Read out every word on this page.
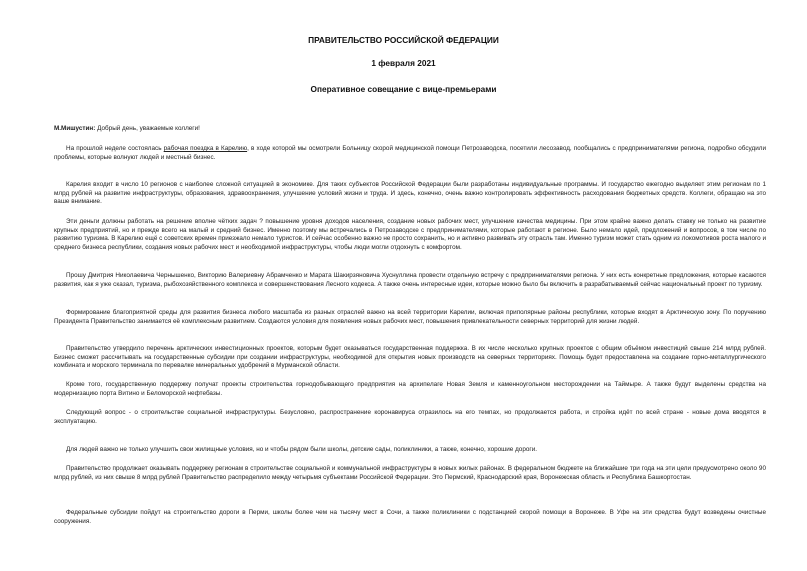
ПРАВИТЕЛЬСТВО РОССИЙСКОЙ ФЕДЕРАЦИИ
1 февраля 2021
Оперативное совещание с вице-премьерами

М.Мишустин: Добрый день, уважаемые коллеги!

На прошлой неделе состоялась рабочая поездка в Карелию, в ходе которой мы осмотрели Больницу скорой медицинской помощи Петрозаводска, посетили лесозавод, пообщались с предпринимателями региона, подробно обсудили проблемы, которые волнуют людей и местный бизнес.

Карелия входит в число 10 регионов с наиболее сложной ситуацией в экономике. Для таких субъектов Российской Федерации были разработаны индивидуальные программы. И государство ежегодно выделяет этим регионам по 1 млрд рублей на развитие инфраструктуры, образования, здравоохранения, улучшение условий жизни и труда. И здесь, конечно, очень важно контролировать эффективность расходования бюджетных средств. Коллеги, обращаю на это ваше внимание.

Эти деньги должны работать на решение вполне чётких задач ? повышение уровня доходов населения, создание новых рабочих мест, улучшение качества медицины. При этом крайне важно делать ставку не только на развитие крупных предприятий, но и прежде всего на малый и средний бизнес. Именно поэтому мы встречались в Петрозаводске с предпринимателями, которые работают в регионе. Было немало идей, предложений и вопросов, в том числе по развитию туризма. В Карелию ещё с советских времен приезжало немало туристов. И сейчас особенно важно не просто сохранить, но и активно развивать эту отрасль там. Именно туризм может стать одним из локомотивов роста малого и среднего бизнеса республики, создания новых рабочих мест и необходимой инфраструктуры, чтобы люди могли отдохнуть с комфортом.

Прошу Дмитрия Николаевича Чернышенко, Викторию Валериевну Абрамченко и Марата Шакирзяновича Хуснуллина провести отдельную встречу с предпринимателями региона. У них есть конкретные предложения, которые касаются развития, как я уже сказал, туризма, рыбохозяйственного комплекса и совершенствования Лесного кодекса. А также очень интересные идеи, которые можно было бы включить в разрабатываемый сейчас национальный проект по туризму.

Формирование благоприятной среды для развития бизнеса любого масштаба из разных отраслей важно на всей территории Карелии, включая приполярные районы республики, которые входят в Арктическую зону. По поручению Президента Правительство занимается её комплексным развитием. Создаются условия для появления новых рабочих мест, повышения привлекательности северных территорий для жизни людей.

Правительство утвердило перечень арктических инвестиционных проектов, которым будет оказываться государственная поддержка. В их числе несколько крупных проектов с общим объёмом инвестиций свыше 214 млрд рублей. Бизнес сможет рассчитывать на государственные субсидии при создании инфраструктуры, необходимой для открытия новых производств на северных территориях. Помощь будет предоставлена на создание горно-металлургического комбината и морского терминала по перевалке минеральных удобрений в Мурманской области.

Кроме того, государственную поддержку получат проекты строительства горнодобывающего предприятия на архипелаге Новая Земля и каменноугольном месторождении на Таймыре. А также будут выделены средства на модернизацию порта Витино и Беломорской нефтебазы.

Следующий вопрос - о строительстве социальной инфраструктуры. Безусловно, распространение коронавируса отразилось на его темпах, но продолжается работа, и стройка идёт по всей стране - новые дома вводятся в эксплуатацию.

Для людей важно не только улучшить свои жилищные условия, но и чтобы рядом были школы, детские сады, поликлиники, а также, конечно, хорошие дороги.

Правительство продолжает оказывать поддержку регионам в строительстве социальной и коммунальной инфраструктуры в новых жилых районах. В федеральном бюджете на ближайшие три года на эти цели предусмотрено около 90 млрд рублей, из них свыше 8 млрд рублей Правительство распределило между четырьмя субъектами Российской Федерации. Это Пермский, Краснодарский края, Воронежская область и Республика Башкортостан.

Федеральные субсидии пойдут на строительство дороги в Перми, школы более чем на тысячу мест в Сочи, а также поликлиники с подстанцией скорой помощи в Воронеже. В Уфе на эти средства будут возведены очистные сооружения.
